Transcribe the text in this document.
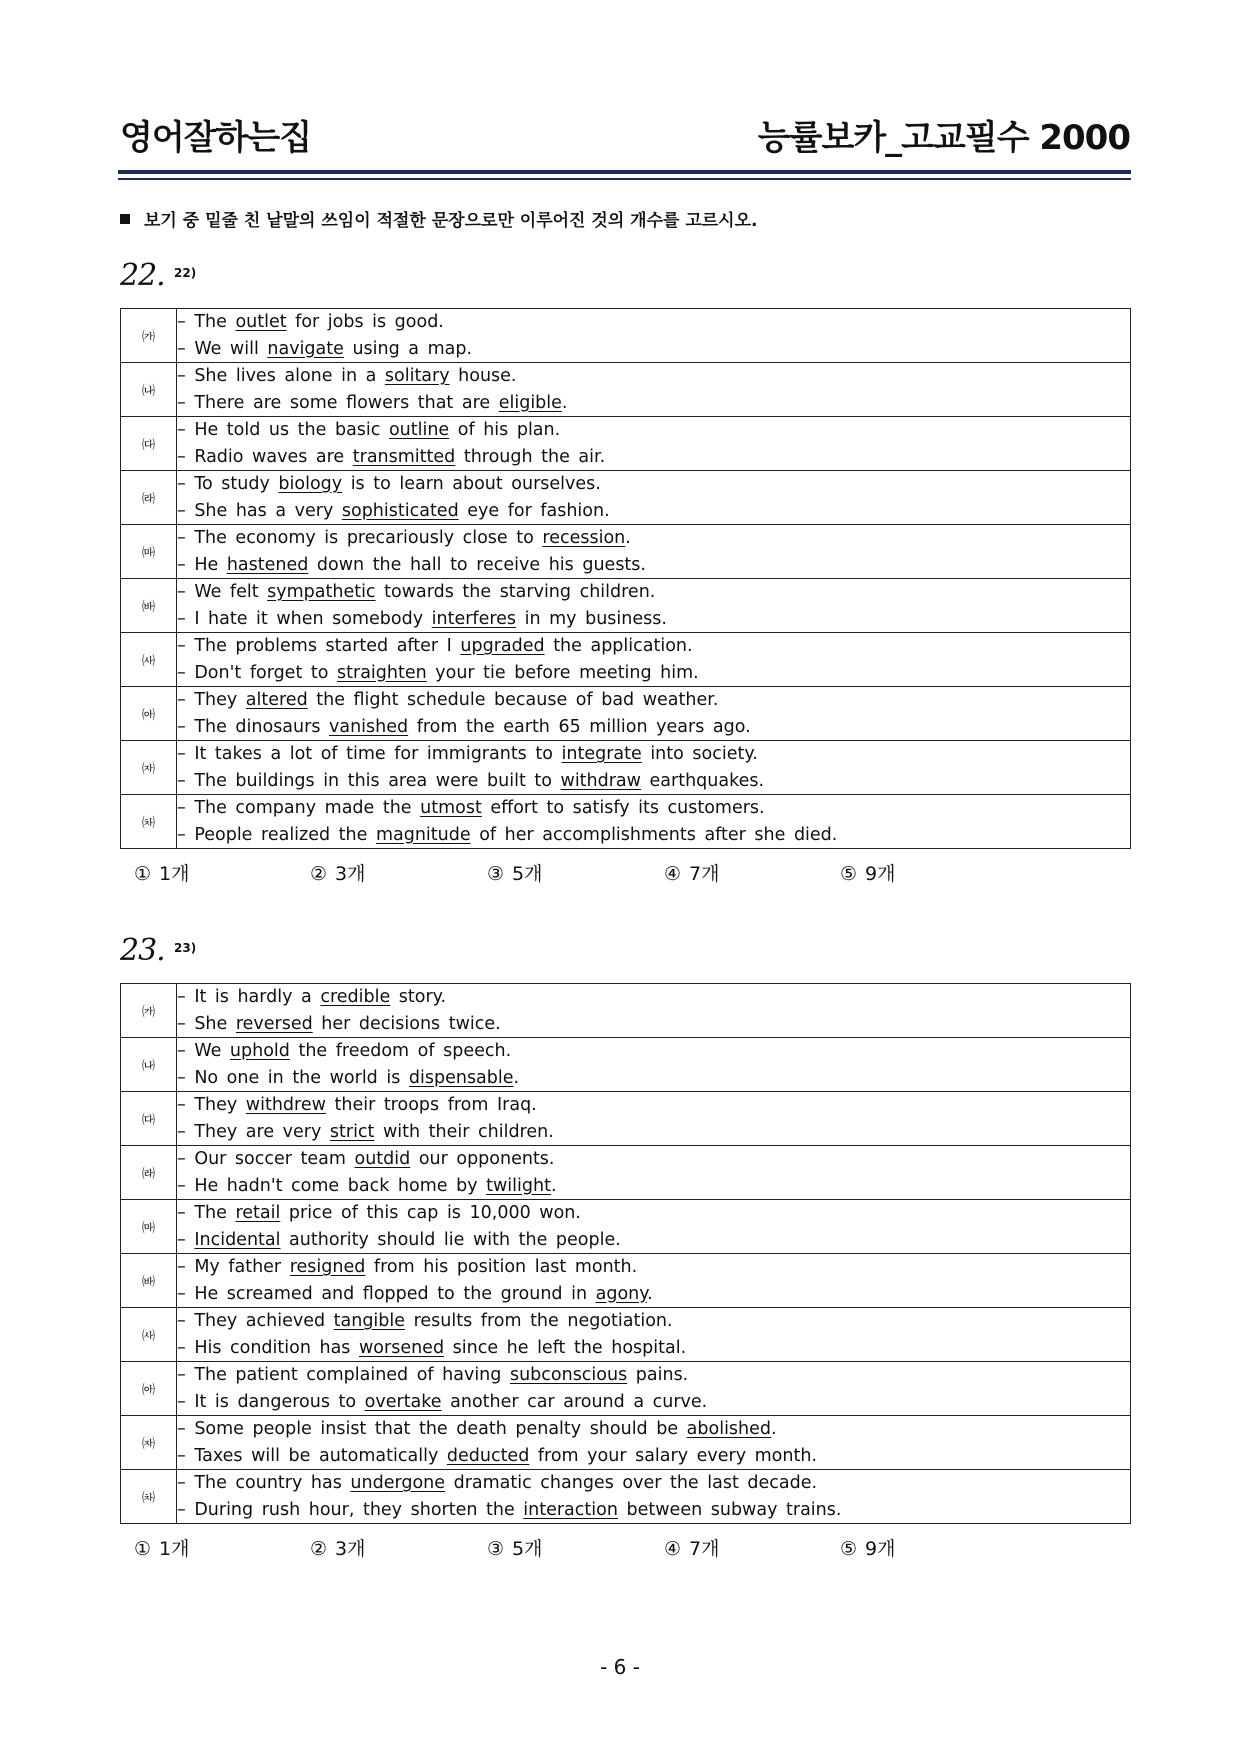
영어잘하는집	능률보카_고교필수 2000
보기 중 밑줄 친 낱말의 쓰임이 적절한 문장으로만 이루어진 것의 개수를 고르시오.
22. 22)
㈎	– The outlet for jobs is good.
– We will navigate using a map.

㈏	– She lives alone in a solitary house.
– There are some flowers that are eligible.

㈐	– He told us the basic outline of his plan.
– Radio waves are transmitted through the air.

㈑	– To study biology is to learn about ourselves.
– She has a very sophisticated eye for fashion.

㈒	– The economy is precariously close to recession.
– He hastened down the hall to receive his guests.

㈓	– We felt sympathetic towards the starving children.
– I hate it when somebody interferes in my business.

㈔	– The problems started after I upgraded the application.
– Don't forget to straighten your tie before meeting him.

㈕	– They altered the flight schedule because of bad weather.
– The dinosaurs vanished from the earth 65 million years ago.

㈖	– It takes a lot of time for immigrants to integrate into society.
– The buildings in this area were built to withdraw earthquakes.

㈗	– The company made the utmost effort to satisfy its customers.
– People realized the magnitude of her accomplishments after she died.
① 1개	② 3개	③ 5개	④ 7개	⑤ 9개
23. 23)
㈎	– It is hardly a credible story.
– She reversed her decisions twice.

㈏	– We uphold the freedom of speech.
– No one in the world is dispensable.

㈐	– They withdrew their troops from Iraq.
– They are very strict with their children.

㈑	– Our soccer team outdid our opponents.
– He hadn't come back home by twilight.

㈒	– The retail price of this cap is 10,000 won.
– Incidental authority should lie with the people.

㈓	– My father resigned from his position last month.
– He screamed and flopped to the ground in agony.

㈔	– They achieved tangible results from the negotiation.
– His condition has worsened since he left the hospital.

㈕	– The patient complained of having subconscious pains.
– It is dangerous to overtake another car around a curve.

㈖	– Some people insist that the death penalty should be abolished.
– Taxes will be automatically deducted from your salary every month.

㈗	– The country has undergone dramatic changes over the last decade.
– During rush hour, they shorten the interaction between subway trains.
① 1개	② 3개	③ 5개	④ 7개	⑤ 9개
- 6 -
